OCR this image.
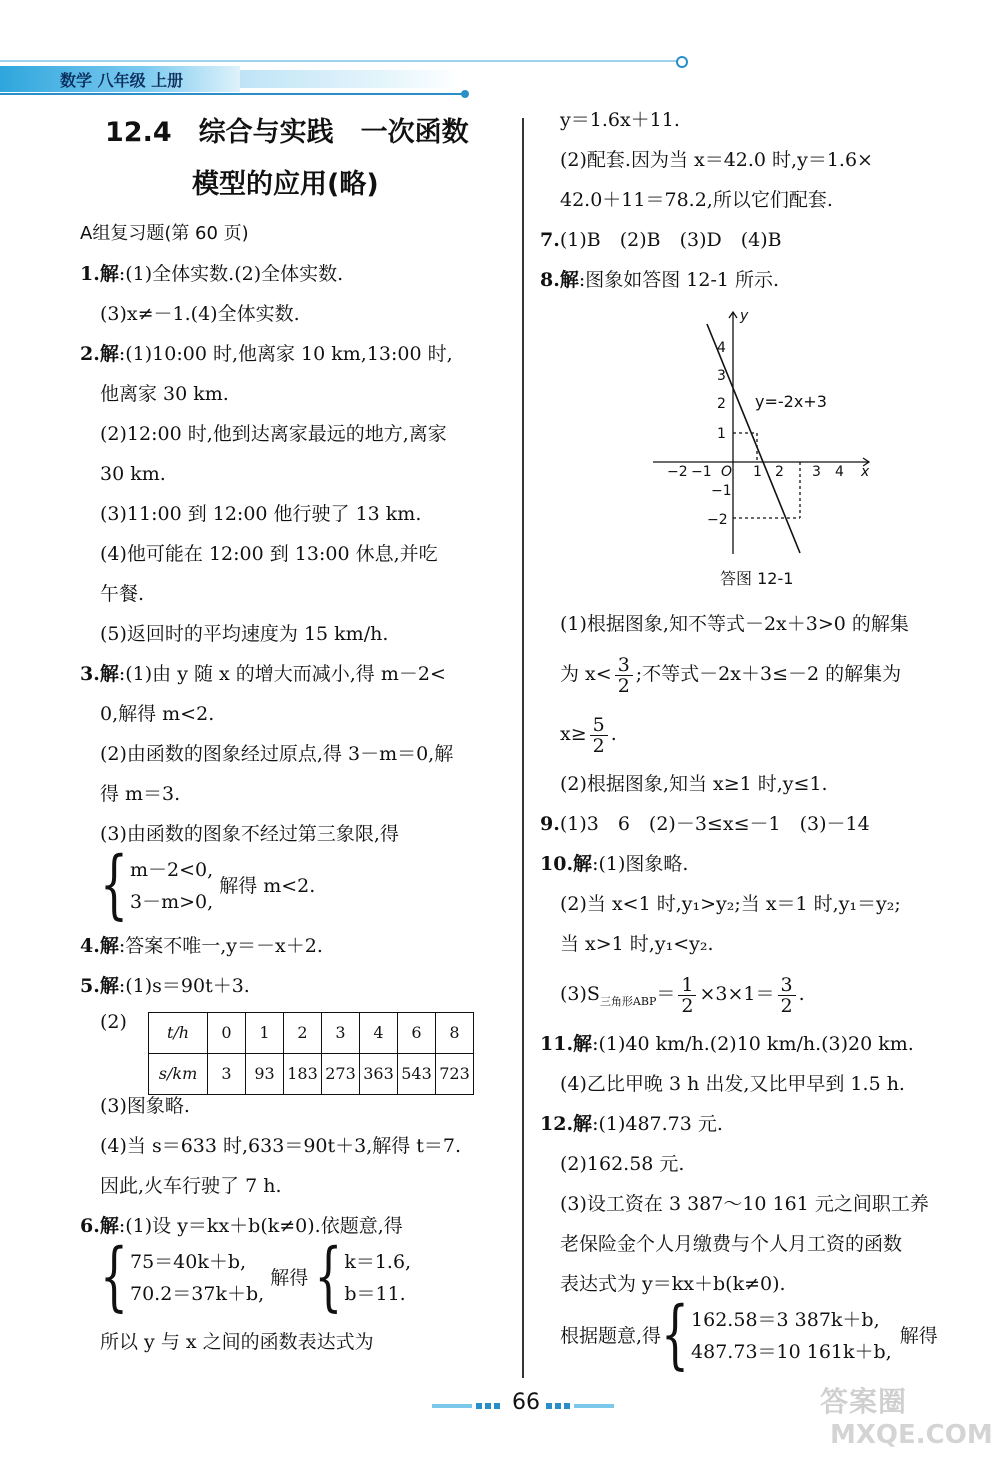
数学 八年级 上册
12.4　综合与实践　一次函数
模型的应用(略)
A组复习题(第 60 页)
1.解:(1)全体实数.(2)全体实数.
(3)x≠－1.(4)全体实数.
2.解:(1)10:00 时,他离家 10 km,13:00 时,
他离家 30 km.
(2)12:00 时,他到达离家最远的地方,离家
30 km.
(3)11:00 到 12:00 他行驶了 13 km.
(4)他可能在 12:00 到 13:00 休息,并吃
午餐.
(5)返回时的平均速度为 15 km/h.
3.解:(1)由 y 随 x 的增大而减小,得 m－2<
0,解得 m<2.
(2)由函数的图象经过原点,得 3－m＝0,解
得 m＝3.
(3)由函数的图象不经过第三象限,得
{ m－2<0,
3－m>0,
解得 m<2.
4.解:答案不唯一,y＝－x＋2.
5.解:(1)s＝90t＋3.
(2)	t/h	0	1	2	3	4	6	8
s/km	3	93	183	273	363	543	723
(3)图象略.
(4)当 s＝633 时,633＝90t＋3,解得 t＝7.
因此,火车行驶了 7 h.
6.解:(1)设 y＝kx＋b(k≠0).依题意,得
{ 75＝40k＋b,
70.2＝37k＋b,
解得 { k＝1.6,
b＝11.
所以 y 与 x 之间的函数表达式为
y＝1.6x＋11.
(2)配套.因为当 x＝42.0 时,y＝1.6×
42.0＋11＝78.2,所以它们配套.
7.(1)B　(2)B　(3)D　(4)B
8.解:图象如答图 12-1 所示.
(1)根据图象,知不等式－2x＋3>0 的解集
为 $x< \frac{3}{2}$ ;不等式－2x＋3≤－2 的解集为
$x\ge \frac{5}{2}$ .
(2)根据图象,知当 x≥1 时,y≤1.
9.(1)3　6　(2)－3≤x≤－1　(3)－14
10.解:(1)图象略.
(2)当 x<1 时,y₁>y₂;当 x＝1 时,y₁＝y₂;
当 x>1 时,y₁<y₂.
$(3)S_{三角形ABP}= \frac{1}{2} \times 3\times 1= \frac{3}{2}$ .
11.解:(1)40 km/h.(2)10 km/h.(3)20 km.
(4)乙比甲晚 3 h 出发,又比甲早到 1.5 h.
12.解:(1)487.73 元.
(2)162.58 元.
(3)设工资在 3 387～10 161 元之间职工养
老保险金个人月缴费与个人月工资的函数
表达式为 y＝kx＋b(k≠0).
根据题意,得{ 162.58＝3 387k＋b,
487.73＝10 161k＋b,
解得
y
x
O
−2 −1	1 2 3 4
4
3
2
1
−1
−2
y=-2x+3
答图 12-1
66	答案圈
MXQE.COM
